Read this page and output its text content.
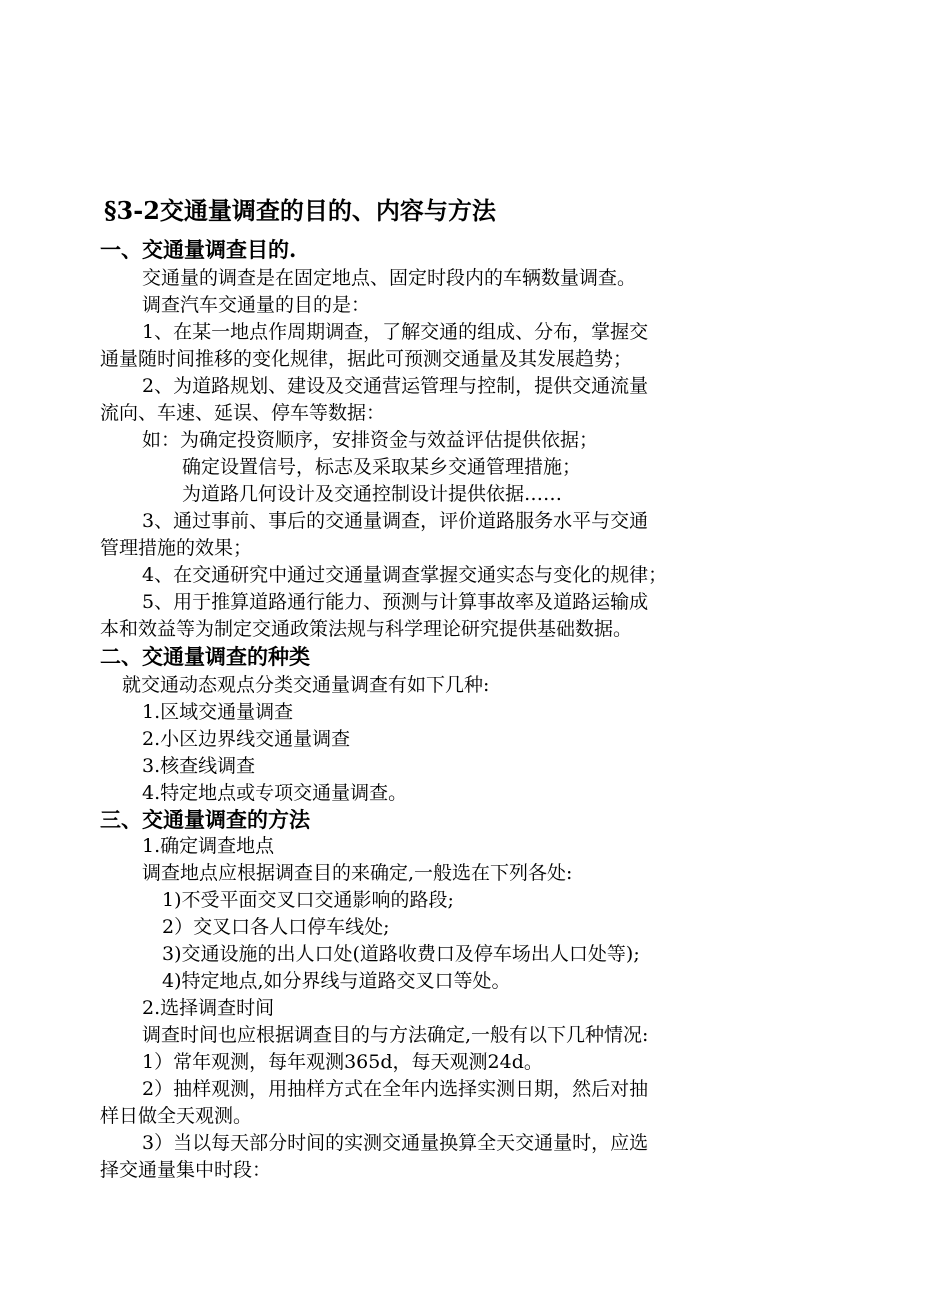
§3-2交通量调查的目的、内容与方法
一、交通量调查目的.
交通量的调查是在固定地点、固定时段内的车辆数量调查。
调查汽车交通量的目的是：
1、在某一地点作周期调查，了解交通的组成、分布，掌握交
通量随时间推移的变化规律，据此可预测交通量及其发展趋势；
2、为道路规划、建设及交通营运管理与控制，提供交通流量
流向、车速、延误、停车等数据：
如：为确定投资顺序，安排资金与效益评估提供依据；
确定设置信号，标志及采取某乡交通管理措施；
为道路几何设计及交通控制设计提供依据……
3、通过事前、事后的交通量调查，评价道路服务水平与交通
管理措施的效果；
4、在交通研究中通过交通量调查掌握交通实态与变化的规律；
5、用于推算道路通行能力、预测与计算事故率及道路运输成
本和效益等为制定交通政策法规与科学理论研究提供基础数据。
二、交通量调查的种类
就交通动态观点分类交通量调查有如下几种:
1.区域交通量调查
2.小区边界线交通量调查
3.核查线调查
4.特定地点或专项交通量调查。
三、交通量调查的方法
1.确定调查地点
调查地点应根据调查目的来确定,一般选在下列各处:
1)不受平面交叉口交通影响的路段;
2）交叉口各人口停车线处;
3)交通设施的出人口处(道路收费口及停车场出人口处等);
4)特定地点,如分界线与道路交叉口等处。
2.选择调查时间
调查时间也应根据调查目的与方法确定,一般有以下几种情况:
1）常年观测，每年观测365d，每天观测24d。
2）抽样观测，用抽样方式在全年内选择实测日期，然后对抽
样日做全天观测。
3）当以每天部分时间的实测交通量换算全天交通量时，应选
择交通量集中时段：
